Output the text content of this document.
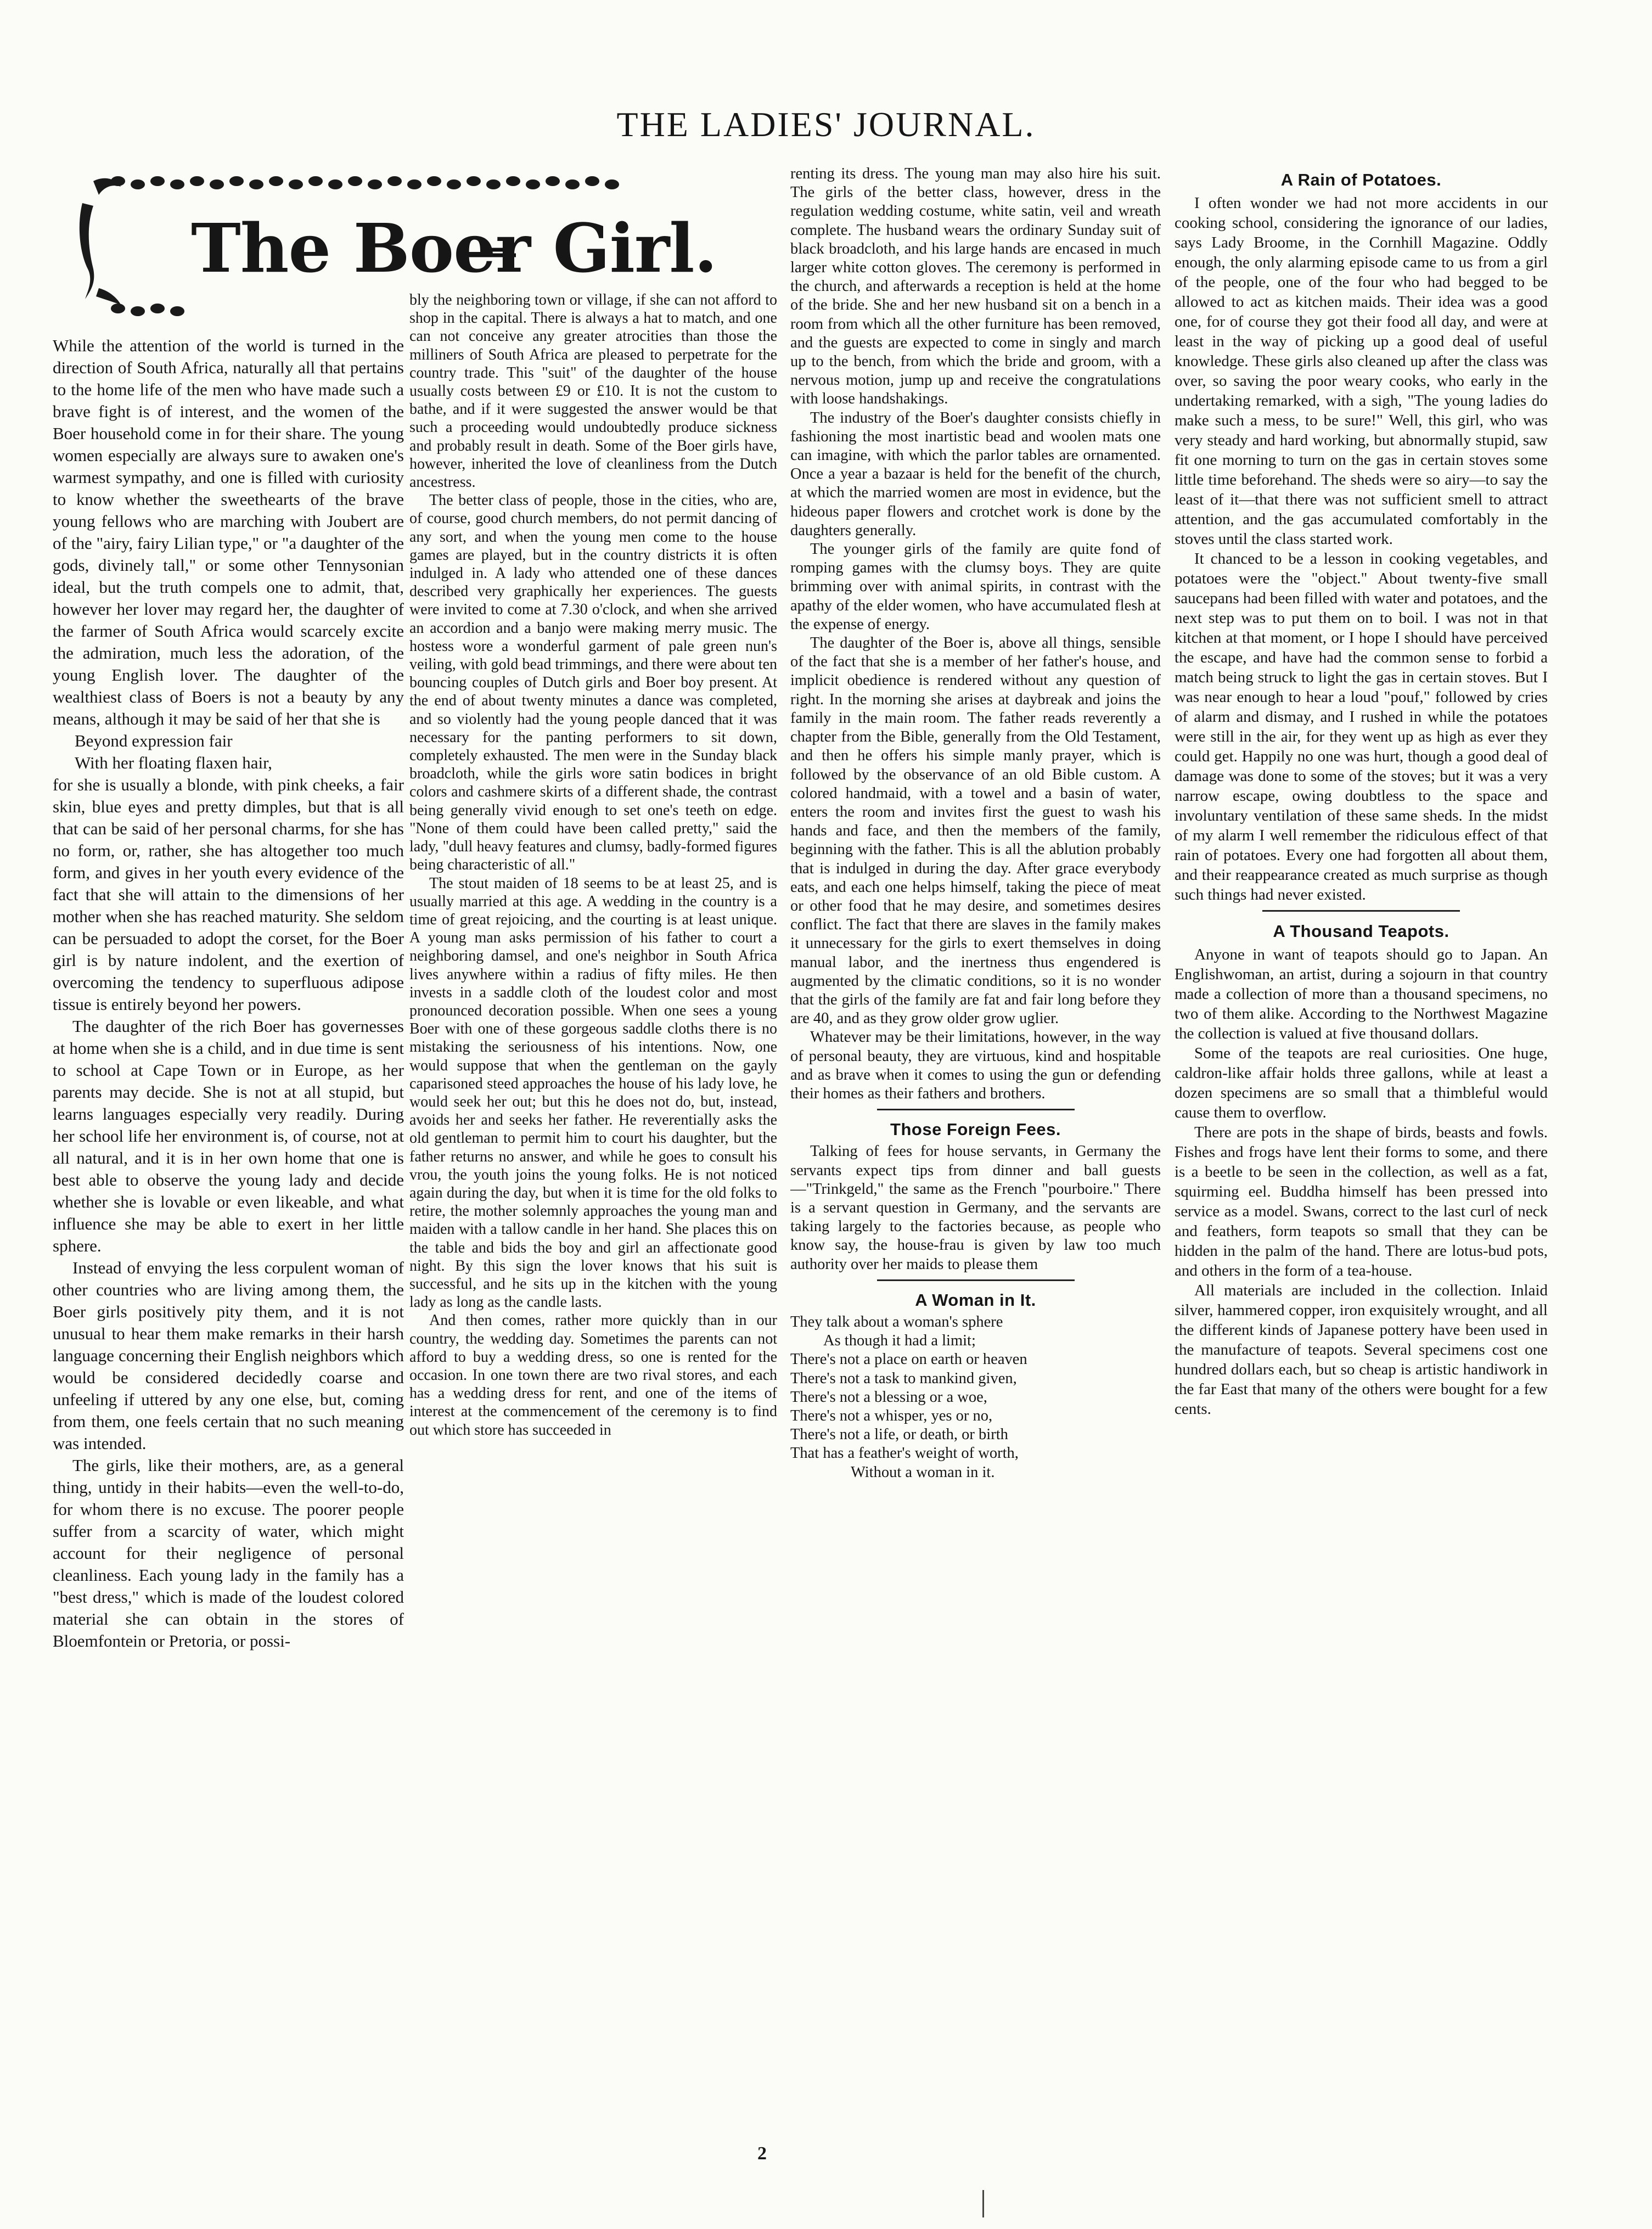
THE LADIES' JOURNAL.
The Boer Girl.

While the attention of the world is turned in the direction of South Africa, naturally all that pertains to the home life of the men who have made such a brave fight is of interest, and the women of the Boer household come in for their share. The young women especially are always sure to awaken one's warmest sympathy, and one is filled with curiosity to know whether the sweethearts of the brave young fellows who are marching with Joubert are of the "airy, fairy Lilian type," or "a daughter of the gods, divinely tall," or some other Tennysonian ideal, but the truth compels one to admit, that, however her lover may regard her, the daughter of the farmer of South Africa would scarcely excite the admiration, much less the adoration, of the young English lover. The daughter of the wealthiest class of Boers is not a beauty by any means, although it may be said of her that she is

Beyond expression fair

With her floating flaxen hair,

for she is usually a blonde, with pink cheeks, a fair skin, blue eyes and pretty dimples, but that is all that can be said of her personal charms, for she has no form, or, rather, she has altogether too much form, and gives in her youth every evidence of the fact that she will attain to the dimensions of her mother when she has reached maturity. She seldom can be persuaded to adopt the corset, for the Boer girl is by nature indolent, and the exertion of overcoming the tendency to superfluous adipose tissue is entirely beyond her powers.

The daughter of the rich Boer has governesses at home when she is a child, and in due time is sent to school at Cape Town or in Europe, as her parents may decide. She is not at all stupid, but learns languages especially very readily. During her school life her environment is, of course, not at all natural, and it is in her own home that one is best able to observe the young lady and decide whether she is lovable or even likeable, and what influence she may be able to exert in her little sphere.

Instead of envying the less corpulent woman of other countries who are living among them, the Boer girls positively pity them, and it is not unusual to hear them make remarks in their harsh language concerning their English neighbors which would be considered decidedly coarse and unfeeling if uttered by any one else, but, coming from them, one feels certain that no such meaning was intended.

The girls, like their mothers, are, as a general thing, untidy in their habits—even the well-to-do, for whom there is no excuse. The poorer people suffer from a scarcity of water, which might account for their negligence of personal cleanliness. Each young lady in the family has a "best dress," which is made of the loudest colored material she can obtain in the stores of Bloemfontein or Pretoria, or possi-

bly the neighboring town or village, if she can not afford to shop in the capital. There is always a hat to match, and one can not conceive any greater atrocities than those the milliners of South Africa are pleased to perpetrate for the country trade. This "suit" of the daughter of the house usually costs between £9 or £10. It is not the custom to bathe, and if it were suggested the answer would be that such a proceeding would undoubtedly produce sickness and probably result in death. Some of the Boer girls have, however, inherited the love of cleanliness from the Dutch ancestress.

The better class of people, those in the cities, who are, of course, good church members, do not permit dancing of any sort, and when the young men come to the house games are played, but in the country districts it is often indulged in. A lady who attended one of these dances described very graphically her experiences. The guests were invited to come at 7.30 o'clock, and when she arrived an accordion and a banjo were making merry music. The hostess wore a wonderful garment of pale green nun's veiling, with gold bead trimmings, and there were about ten bouncing couples of Dutch girls and Boer boy present. At the end of about twenty minutes a dance was completed, and so violently had the young people danced that it was necessary for the panting performers to sit down, completely exhausted. The men were in the Sunday black broadcloth, while the girls wore satin bodices in bright colors and cashmere skirts of a different shade, the contrast being generally vivid enough to set one's teeth on edge. "None of them could have been called pretty," said the lady, "dull heavy features and clumsy, badly-formed figures being characteristic of all."

The stout maiden of 18 seems to be at least 25, and is usually married at this age. A wedding in the country is a time of great rejoicing, and the courting is at least unique. A young man asks permission of his father to court a neighboring damsel, and one's neighbor in South Africa lives anywhere within a radius of fifty miles. He then invests in a saddle cloth of the loudest color and most pronounced decoration possible. When one sees a young Boer with one of these gorgeous saddle cloths there is no mistaking the seriousness of his intentions. Now, one would suppose that when the gentleman on the gayly caparisoned steed approaches the house of his lady love, he would seek her out; but this he does not do, but, instead, avoids her and seeks her father. He reverentially asks the old gentleman to permit him to court his daughter, but the father returns no answer, and while he goes to consult his vrou, the youth joins the young folks. He is not noticed again during the day, but when it is time for the old folks to retire, the mother solemnly approaches the young man and maiden with a tallow candle in her hand. She places this on the table and bids the boy and girl an affectionate good night. By this sign the lover knows that his suit is successful, and he sits up in the kitchen with the young lady as long as the candle lasts.

And then comes, rather more quickly than in our country, the wedding day. Sometimes the parents can not afford to buy a wedding dress, so one is rented for the occasion. In one town there are two rival stores, and each has a wedding dress for rent, and one of the items of interest at the commencement of the ceremony is to find out which store has succeeded in

renting its dress. The young man may also hire his suit. The girls of the better class, however, dress in the regulation wedding costume, white satin, veil and wreath complete. The husband wears the ordinary Sunday suit of black broadcloth, and his large hands are encased in much larger white cotton gloves. The ceremony is performed in the church, and afterwards a reception is held at the home of the bride. She and her new husband sit on a bench in a room from which all the other furniture has been removed, and the guests are expected to come in singly and march up to the bench, from which the bride and groom, with a nervous motion, jump up and receive the congratulations with loose handshakings.

The industry of the Boer's daughter consists chiefly in fashioning the most inartistic bead and woolen mats one can imagine, with which the parlor tables are ornamented. Once a year a bazaar is held for the benefit of the church, at which the married women are most in evidence, but the hideous paper flowers and crotchet work is done by the daughters generally.

The younger girls of the family are quite fond of romping games with the clumsy boys. They are quite brimming over with animal spirits, in contrast with the apathy of the elder women, who have accumulated flesh at the expense of energy.

The daughter of the Boer is, above all things, sensible of the fact that she is a member of her father's house, and implicit obedience is rendered without any question of right. In the morning she arises at daybreak and joins the family in the main room. The father reads reverently a chapter from the Bible, generally from the Old Testament, and then he offers his simple manly prayer, which is followed by the observance of an old Bible custom. A colored handmaid, with a towel and a basin of water, enters the room and invites first the guest to wash his hands and face, and then the members of the family, beginning with the father. This is all the ablution probably that is indulged in during the day. After grace everybody eats, and each one helps himself, taking the piece of meat or other food that he may desire, and sometimes desires conflict. The fact that there are slaves in the family makes it unnecessary for the girls to exert themselves in doing manual labor, and the inertness thus engendered is augmented by the climatic conditions, so it is no wonder that the girls of the family are fat and fair long before they are 40, and as they grow older grow uglier.

Whatever may be their limitations, however, in the way of personal beauty, they are virtuous, kind and hospitable and as brave when it comes to using the gun or defending their homes as their fathers and brothers.

Those Foreign Fees.

Talking of fees for house servants, in Germany the servants expect tips from dinner and ball guests—"Trinkgeld," the same as the French "pourboire." There is a servant question in Germany, and the servants are taking largely to the factories because, as people who know say, the house-frau is given by law too much authority over her maids to please them

A Woman in It.

They talk about a woman's sphere

As though it had a limit;

There's not a place on earth or heaven

There's not a task to mankind given,

There's not a blessing or a woe,

There's not a whisper, yes or no,

There's not a life, or death, or birth

That has a feather's weight of worth,

Without a woman in it.

A Rain of Potatoes.

I often wonder we had not more accidents in our cooking school, considering the ignorance of our ladies, says Lady Broome, in the Cornhill Magazine. Oddly enough, the only alarming episode came to us from a girl of the people, one of the four who had begged to be allowed to act as kitchen maids. Their idea was a good one, for of course they got their food all day, and were at least in the way of picking up a good deal of useful knowledge. These girls also cleaned up after the class was over, so saving the poor weary cooks, who early in the undertaking remarked, with a sigh, "The young ladies do make such a mess, to be sure!" Well, this girl, who was very steady and hard working, but abnormally stupid, saw fit one morning to turn on the gas in certain stoves some little time beforehand. The sheds were so airy—to say the least of it—that there was not sufficient smell to attract attention, and the gas accumulated comfortably in the stoves until the class started work.

It chanced to be a lesson in cooking vegetables, and potatoes were the "object." About twenty-five small saucepans had been filled with water and potatoes, and the next step was to put them on to boil. I was not in that kitchen at that moment, or I hope I should have perceived the escape, and have had the common sense to forbid a match being struck to light the gas in certain stoves. But I was near enough to hear a loud "pouf," followed by cries of alarm and dismay, and I rushed in while the potatoes were still in the air, for they went up as high as ever they could get. Happily no one was hurt, though a good deal of damage was done to some of the stoves; but it was a very narrow escape, owing doubtless to the space and involuntary ventilation of these same sheds. In the midst of my alarm I well remember the ridiculous effect of that rain of potatoes. Every one had forgotten all about them, and their reappearance created as much surprise as though such things had never existed.

A Thousand Teapots.

Anyone in want of teapots should go to Japan. An Englishwoman, an artist, during a sojourn in that country made a collection of more than a thousand specimens, no two of them alike. According to the Northwest Magazine the collection is valued at five thousand dollars.

Some of the teapots are real curiosities. One huge, caldron-like affair holds three gallons, while at least a dozen specimens are so small that a thimbleful would cause them to overflow.

There are pots in the shape of birds, beasts and fowls. Fishes and frogs have lent their forms to some, and there is a beetle to be seen in the collection, as well as a fat, squirming eel. Buddha himself has been pressed into service as a model. Swans, correct to the last curl of neck and feathers, form teapots so small that they can be hidden in the palm of the hand. There are lotus-bud pots, and others in the form of a tea-house.

All materials are included in the collection. Inlaid silver, hammered copper, iron exquisitely wrought, and all the different kinds of Japanese pottery have been used in the manufacture of teapots. Several specimens cost one hundred dollars each, but so cheap is artistic handiwork in the far East that many of the others were bought for a few cents.

2
